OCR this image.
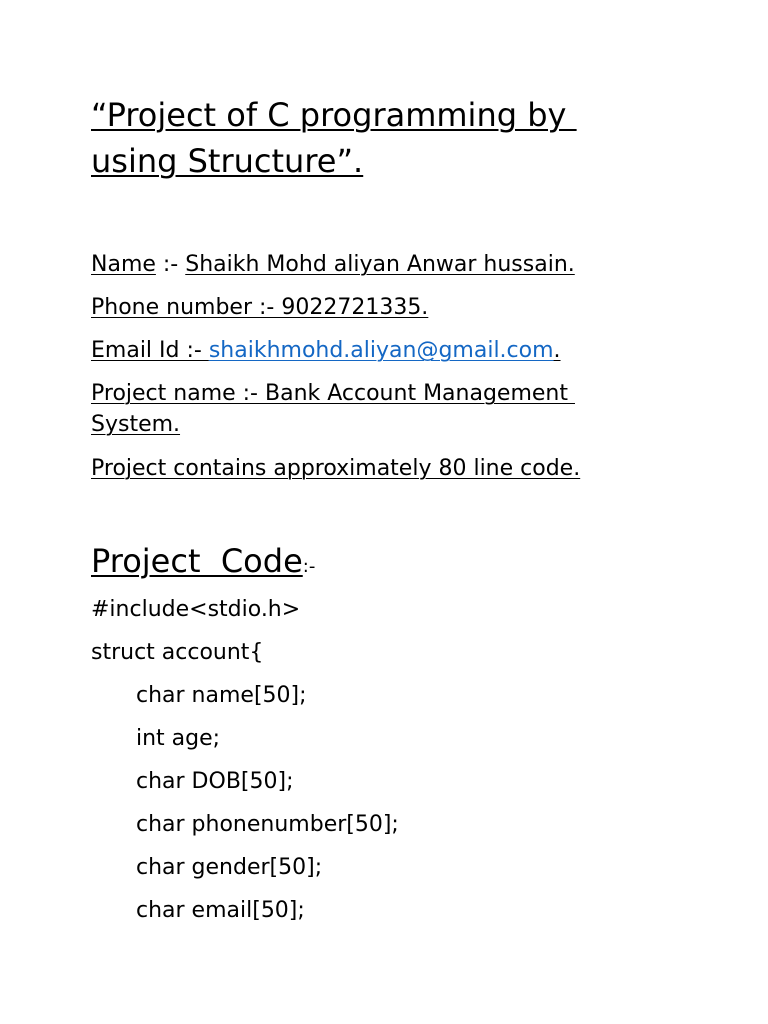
“Project of C programming by
using Structure”.

Name :- Shaikh Mohd aliyan Anwar hussain.

Phone number :- 9022721335.

Email Id :- shaikhmohd.aliyan@gmail.com.

Project name :- Bank Account Management
System.

Project contains approximately 80 line code.

Project  Code:-
#include<stdio.h>
struct account{
char name[50];
int age;
char DOB[50];
char phonenumber[50];
char gender[50];
char email[50];
